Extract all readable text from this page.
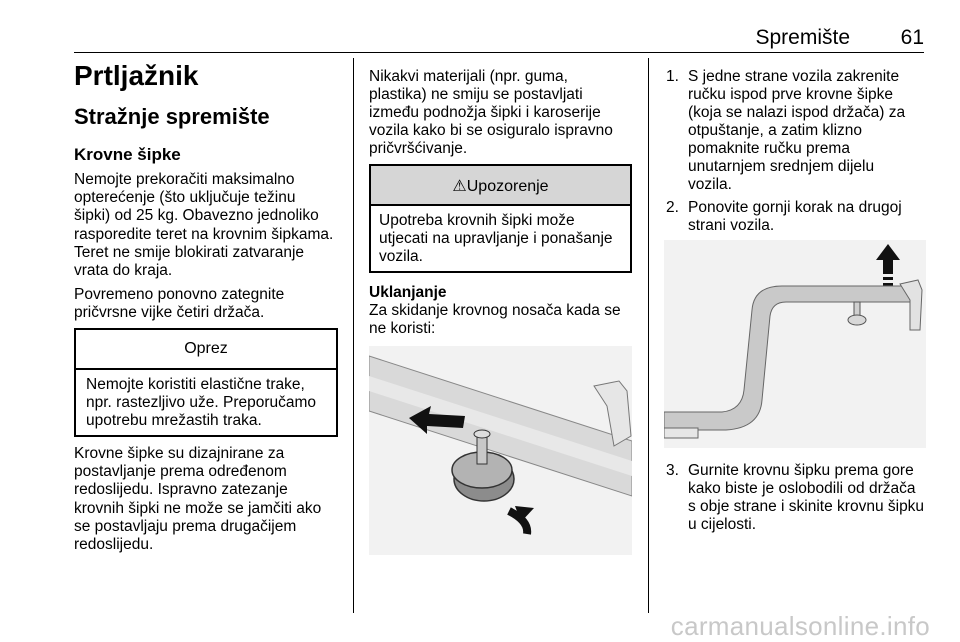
Spremište 61

Prtljažnik

Stražnje spremište

Krovne šipke

Nemojte prekoračiti maksimalno

opterećenje (što uključuje težinu

šipki) od 25 kg. Obavezno jednoliko

rasporedite teret na krovnim šipkama.

Teret ne smije blokirati zatvaranje

vrata do kraja.

Povremeno ponovno zategnite

pričvrsne vijke četiri držača.

Oprez

Nemojte koristiti elastične trake,

npr. rastezljivo uže. Preporučamo

upotrebu mrežastih traka.

Krovne šipke su dizajnirane za

postavljanje prema određenom

redoslijedu. Ispravno zatezanje

krovnih šipki ne može se jamčiti ako

se postavljaju prema drugačijem

redoslijedu.

Nikakvi materijali (npr. guma,

plastika) ne smiju se postavljati

između podnožja šipki i karoserije

vozila kako bi se osiguralo ispravno

pričvršćivanje.

⚠Upozorenje

Upotreba krovnih šipki može

utjecati na upravljanje i ponašanje

vozila.

Uklanjanje

Za skidanje krovnog nosača kada se

ne koristi:

1. S jedne strane vozila zakrenite

ručku ispod prve krovne šipke

(koja se nalazi ispod držača) za

otpuštanje, a zatim klizno

pomaknite ručku prema

unutarnjem srednjem dijelu

vozila.

2. Ponovite gornji korak na drugoj

strani vozila.

3. Gurnite krovnu šipku prema gore

kako biste je oslobodili od držača

s obje strane i skinite krovnu šipku

u cijelosti.

carmanualsonline.info
